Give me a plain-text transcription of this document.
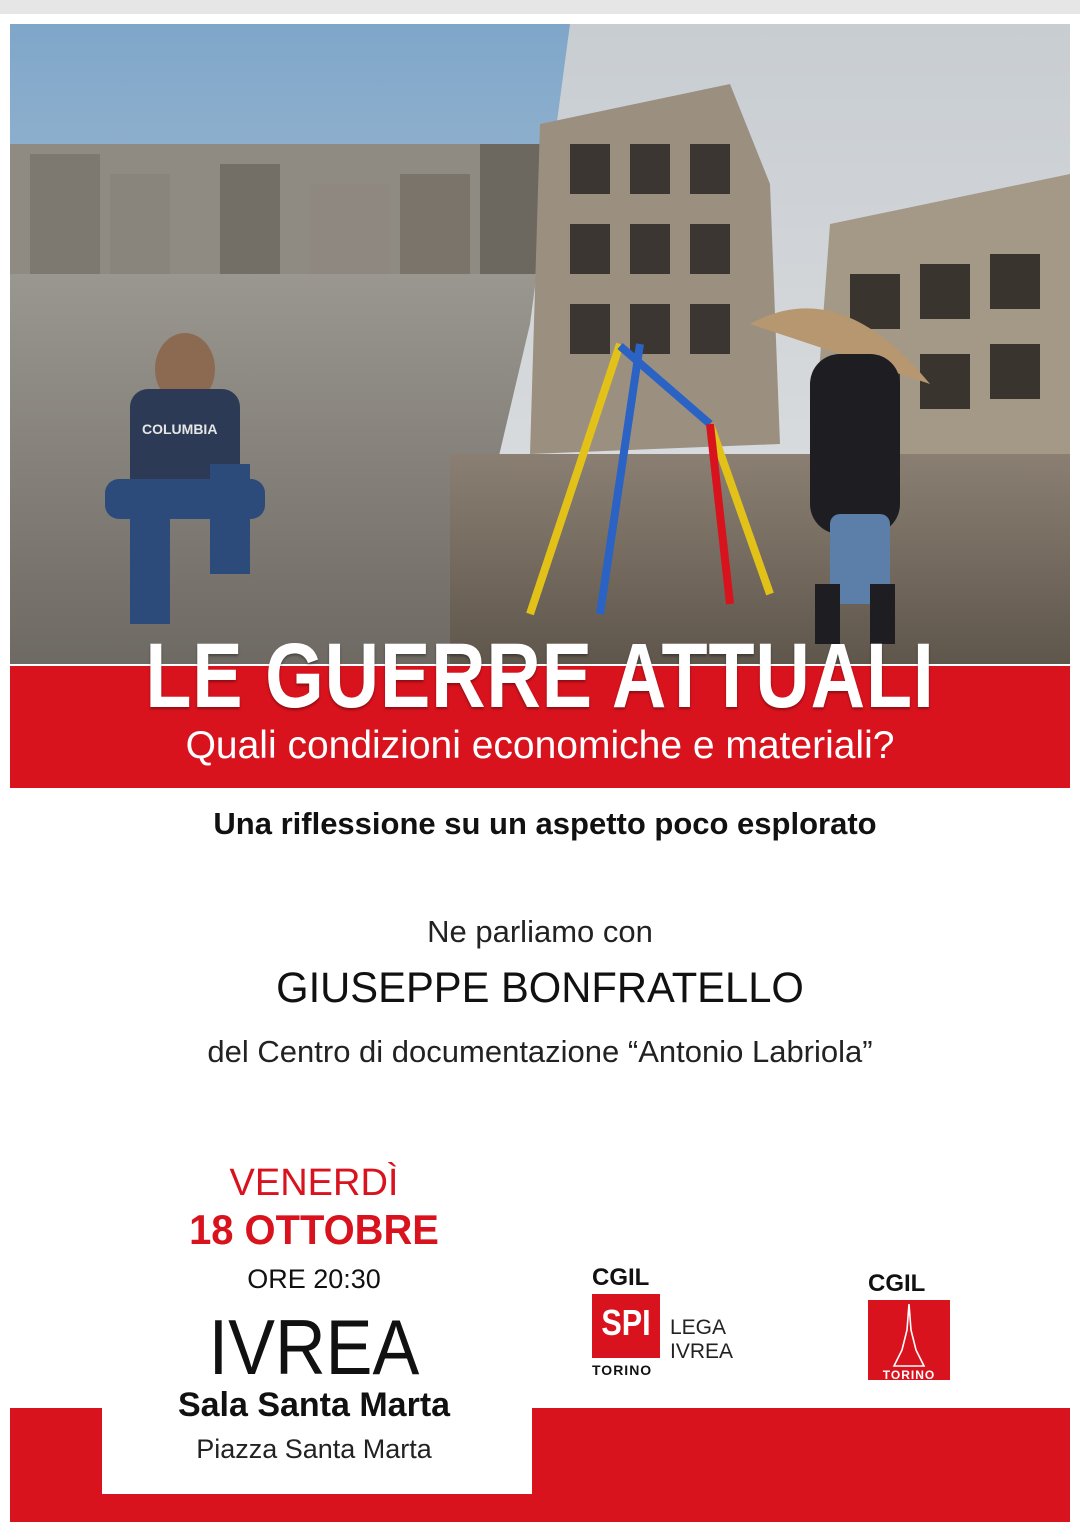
COLUMBIA
LE GUERRE ATTUALI
Quali condizioni economiche e materiali?
Una riflessione su un aspetto poco esplorato
Ne parliamo con
GIUSEPPE BONFRATELLO
del Centro di documentazione “Antonio Labriola”
VENERDÌ
18 OTTOBRE
ORE 20:30
IVREA
Sala Santa Marta
Piazza Santa Marta
CGIL
SPI
TORINO
LEGA
IVREA
CGIL
TORINO
